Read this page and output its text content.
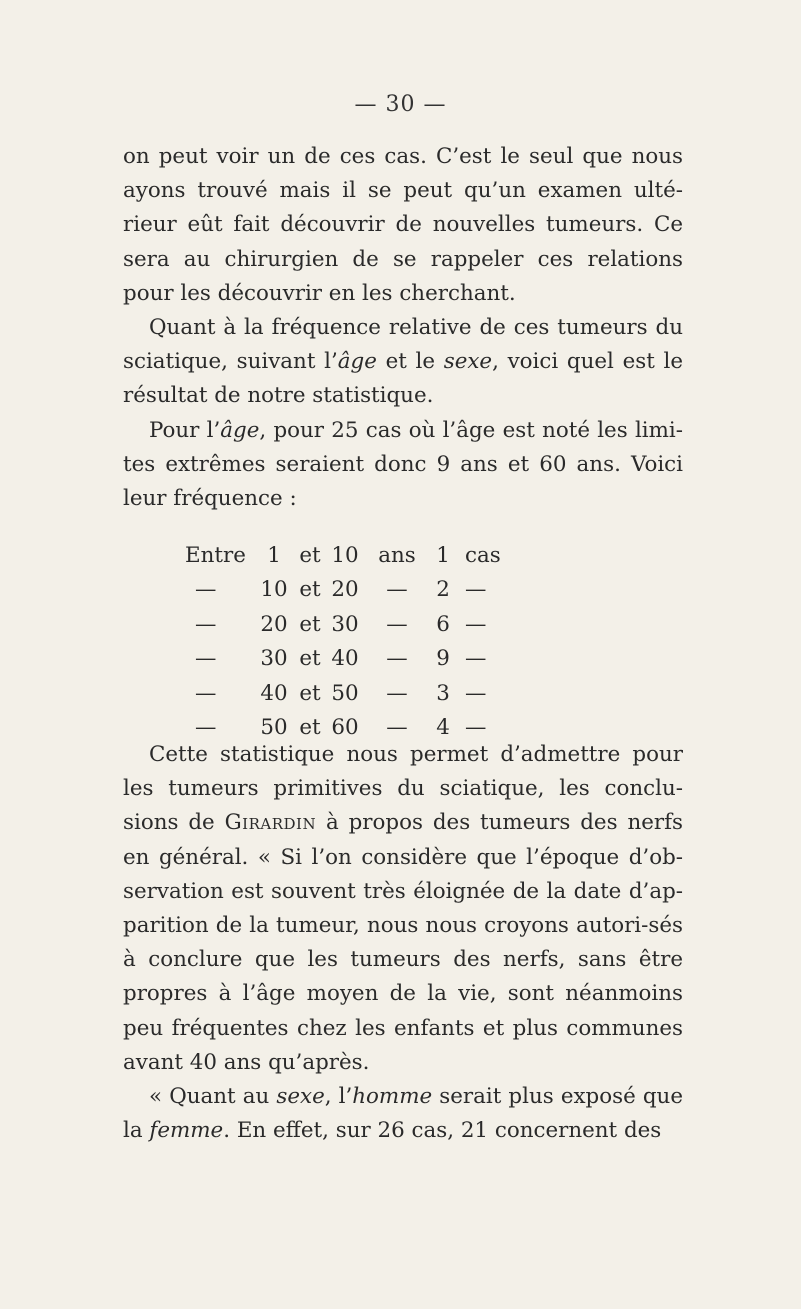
— 30 —

on peut voir un de ces cas. C’est le seul que nous ayons trouvé mais il se peut qu’un examen ulté-rieur eût fait découvrir de nouvelles tumeurs. Ce sera au chirurgien de se rappeler ces relations pour les découvrir en les cherchant.

Quant à la fréquence relative de ces tumeurs du sciatique, suivant l’âge et le sexe, voici quel est le résultat de notre statistique.

Pour l’âge, pour 25 cas où l’âge est noté les limi-tes extrêmes seraient donc 9 ans et 60 ans. Voici leur fréquence :

Entre 1 et 10 ans 1 cas
—	10 et 20	—	2 —
—	20 et 30	—	6 —
—	30 et 40	—	9 —
—	40 et 50	—	3 —
—	50 et 60	—	4 —

Cette statistique nous permet d’admettre pour les tumeurs primitives du sciatique, les conclu-sions de Girardin à propos des tumeurs des nerfs en général. « Si l’on considère que l’époque d’ob-servation est souvent très éloignée de la date d’ap-parition de la tumeur, nous nous croyons autori-sés à conclure que les tumeurs des nerfs, sans être propres à l’âge moyen de la vie, sont néanmoins peu fréquentes chez les enfants et plus communes avant 40 ans qu’après.

« Quant au sexe, l’homme serait plus exposé que la femme. En effet, sur 26 cas, 21 concernent des
